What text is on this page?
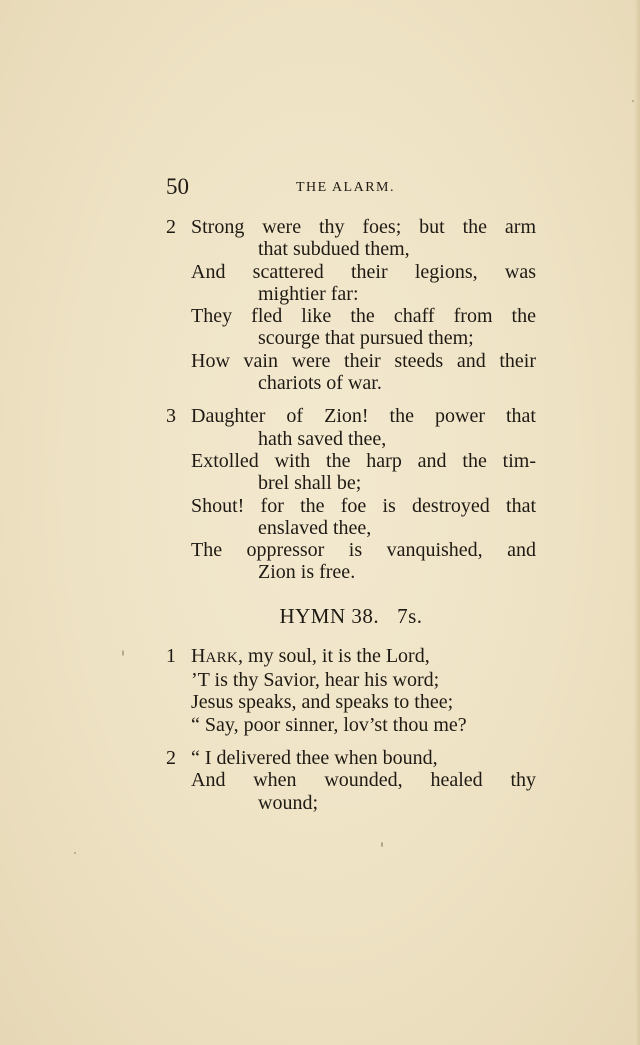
50	THE ALARM.
2 Strong were thy foes; but the arm
that subdued them,
And scattered their legions, was
mightier far:
They fled like the chaff from the
scourge that pursued them;
How vain were their steeds and their
chariots of war.
3 Daughter of Zion! the power that
hath saved thee,
Extolled with the harp and the tim-
brel shall be;
Shout! for the foe is destroyed that
enslaved thee,
The oppressor is vanquished, and
Zion is free.
HYMN 38. 7s.
1 HARK, my soul, it is the Lord,
’T is thy Savior, hear his word;
Jesus speaks, and speaks to thee;
“ Say, poor sinner, lov’st thou me?
2 “ I delivered thee when bound,
And when wounded, healed thy
wound;
